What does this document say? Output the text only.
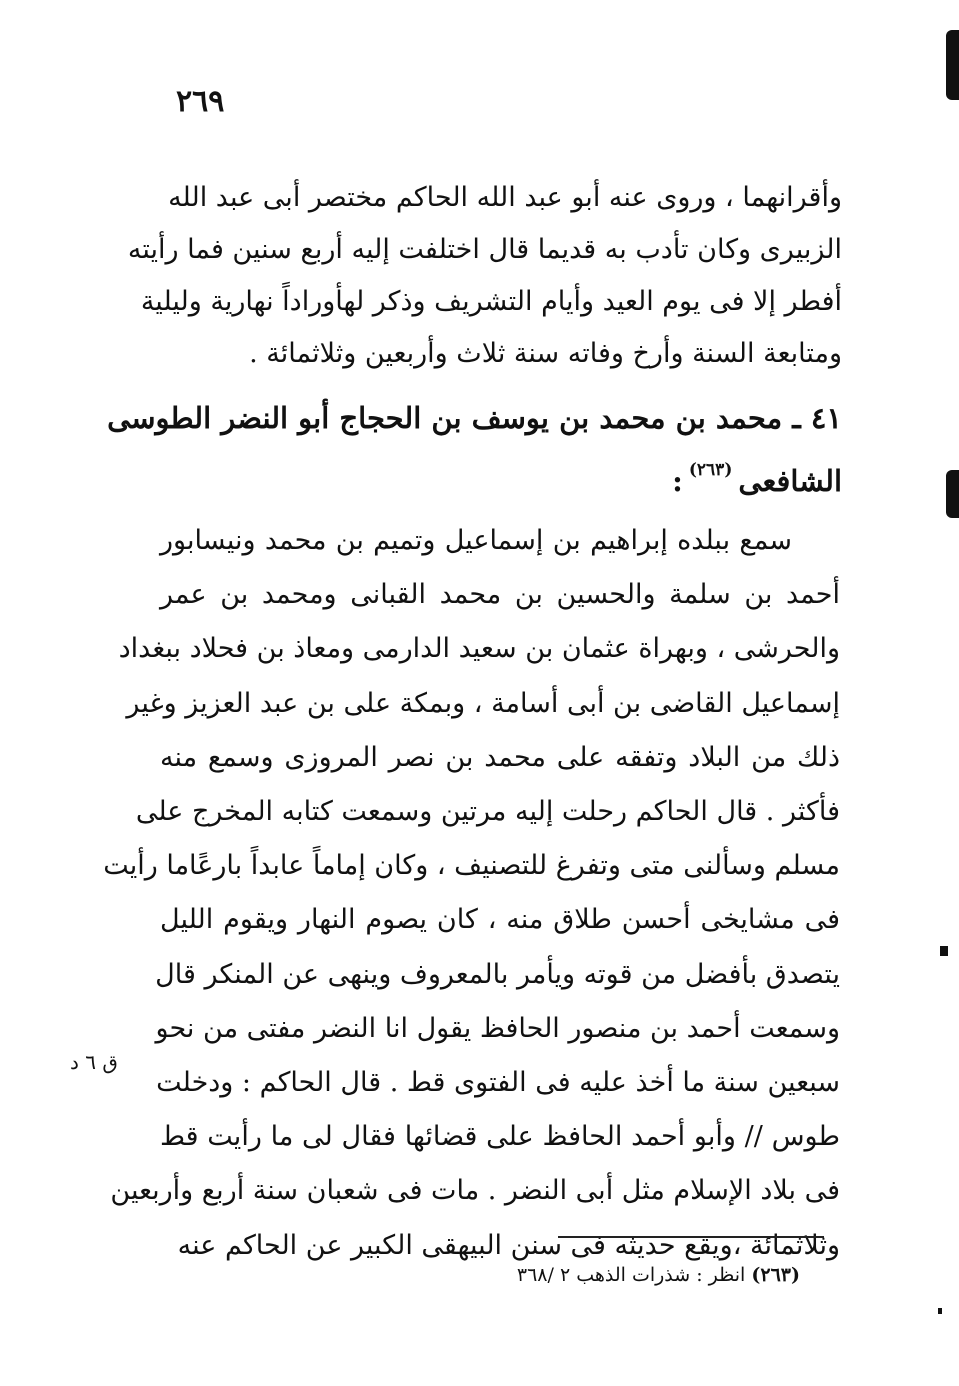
٢٦٩
وأقرانهما ، وروى عنه أبو عبد الله الحاكم مختصر أبى عبد الله
الزبيرى وكان تأدب به قديما قال اختلفت إليه أربع سنين فما رأيته
أفطر إلا فى يوم العيد وأيام التشريف وذكر لهأوراداً نهارية وليلية
ومتابعة السنة وأرخ وفاته سنة ثلاث وأربعين وثلاثمائة .
٤١ ـ محمد بن محمد بن يوسف بن الحجاج أبو النضر الطوسى
الشافعى$^{(٢٦٣)}$:
سمع ببلده إبراهيم بن إسماعيل وتميم بن محمد ونيسابور
أحمد بن سلمة والحسين بن محمد القبانى ومحمد بن عمر
والحرشى ، وبهراة عثمان بن سعيد الدارمى ومعاذ بن فحلاد ببغداد
إسماعيل القاضى بن أبى أسامة ، وبمكة على بن عبد العزيز وغير
ذلك من البلاد وتفقه على محمد بن نصر المروزى وسمع منه
فأكثر . قال الحاكم رحلت إليه مرتين وسمعت كتابه المخرج على
مسلم وسألنى متى وتفرغ للتصنيف ، وكان إماماً عابداً بارعًاما رأيت
فى مشايخى أحسن طلاق منه ، كان يصوم النهار ويقوم الليل
يتصدق بأفضل من قوته ويأمر بالمعروف وينهى عن المنكر قال
وسمعت أحمد بن منصور الحافظ يقول انا النضر مفتى من نحو
سبعين سنة ما أخذ عليه فى الفتوى قط . قال الحاكم : ودخلت
طوس // وأبو أحمد الحافظ على قضائها فقال لى ما رأيت قط
فى بلاد الإسلام مثل أبى النضر . مات فى شعبان سنة أربع وأربعين
وثلاثمائة ،ويقع حديثه فى سنن البيهقى الكبير عن الحاكم عنه
ق ٦ د
(٢٦٣) انظر : شذرات الذهب ٢ /٣٦٨
